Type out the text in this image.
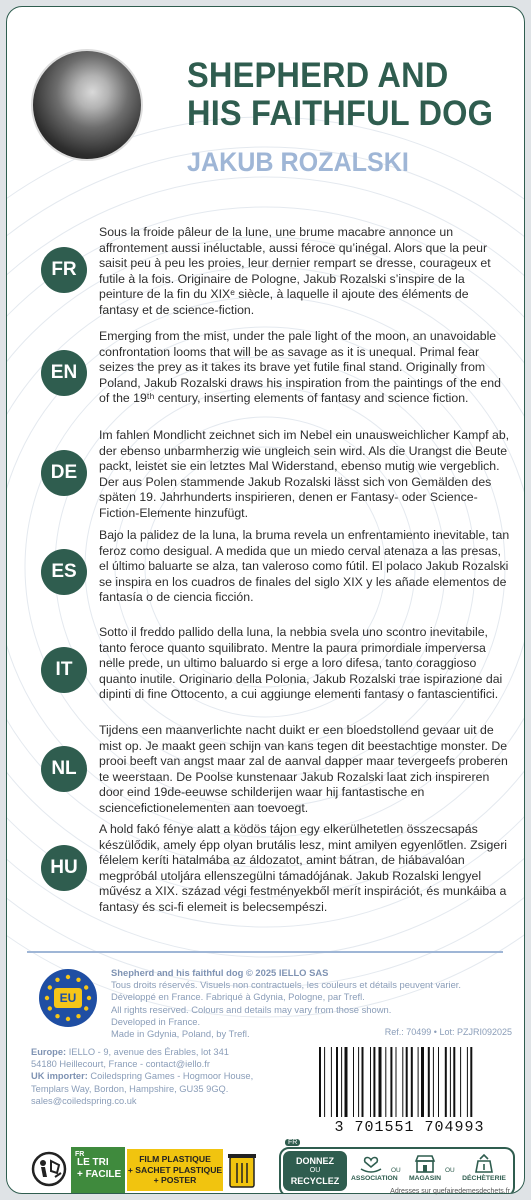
SHEPHERD AND
HIS FAITHFUL DOG
JAKUB ROZALSKI
FR
Sous la froide pâleur de la lune, une brume macabre annonce un affrontement aussi inéluctable, aussi féroce qu’inégal. Alors que la peur saisit peu à peu les proies, leur dernier rempart se dresse, courageux et futile à la fois. Originaire de Pologne, Jakub Rozalski s’inspire de la peinture de la fin du XIXᵉ siècle, à laquelle il ajoute des éléments de fantasy et de science-fiction.
EN
Emerging from the mist, under the pale light of the moon, an unavoidable confrontation looms that will be as savage as it is unequal. Primal fear seizes the prey as it takes its brave yet futile final stand. Originally from Poland, Jakub Rozalski draws his inspiration from the paintings of the end of the 19ᵗʰ century, inserting elements of fantasy and science fiction.
DE
Im fahlen Mondlicht zeichnet sich im Nebel ein unausweichlicher Kampf ab, der ebenso unbarmherzig wie ungleich sein wird. Als die Urangst die Beute packt, leistet sie ein letztes Mal Widerstand, ebenso mutig wie vergeblich. Der aus Polen stammende Jakub Rozalski lässt sich von Gemälden des späten 19. Jahrhunderts inspirieren, denen er Fantasy- oder Science-Fiction-Elemente hinzufügt.
ES
Bajo la palidez de la luna, la bruma revela un enfrentamiento inevitable, tan feroz como desigual. A medida que un miedo cerval atenaza a las presas, el último baluarte se alza, tan valeroso como fútil. El polaco Jakub Rozalski se inspira en los cuadros de finales del siglo XIX y les añade elementos de fantasía o de ciencia ficción.
IT
Sotto il freddo pallido della luna, la nebbia svela uno scontro inevitabile, tanto feroce quanto squilibrato. Mentre la paura primordiale imperversa nelle prede, un ultimo baluardo si erge a loro difesa, tanto coraggioso quanto inutile. Originario della Polonia, Jakub Rozalski trae ispirazione dai dipinti di fine Ottocento, a cui aggiunge elementi fantasy o fantascientifici.
NL
Tijdens een maanverlichte nacht duikt er een bloedstollend gevaar uit de mist op. Je maakt geen schijn van kans tegen dit beestachtige monster. De prooi beeft van angst maar zal de aanval dapper maar tevergeefs proberen te weerstaan. De Poolse kunstenaar Jakub Rozalski laat zich inspireren door eind 19de-eeuwse schilderijen waar hij fantastische en sciencefictionelementen aan toevoegt.
HU
A hold fakó fénye alatt a ködös tájon egy elkerülhetetlen összecsapás készülődik, amely épp olyan brutális lesz, mint amilyen egyenlőtlen. Zsigeri félelem keríti hatalmába az áldozatot, amint bátran, de hiábavalóan megpróbál utoljára ellenszegülni támadójának. Jakub Rozalski lengyel művész a XIX. század végi festményekből merít inspirációt, és munkáiba a fantasy és sci-fi elemeit is belecsempészi.
EU
Shepherd and his faithful dog © 2025 IELLO SAS
Tous droits réservés. Visuels non contractuels, les couleurs et détails peuvent varier.
Développé en France. Fabriqué à Gdynia, Pologne, par Trefl.
All rights reserved. Colours and details may vary from those shown.
Developed in France.
Made in Gdynia, Poland, by Trefl.	Ref.: 70499 • Lot: PZJRI092025
Europe: IELLO - 9, avenue des Érables, lot 341
54180 Heillecourt, France - contact@iello.fr
UK importer: Coiledspring Games - Hogmoor House,
Templars Way, Bordon, Hampshire, GU35 9GQ.
sales@coiledspring.co.uk
3 701551 704993
FR
LE TRI
+ FACILE
FILM PLASTIQUE
+ SACHET PLASTIQUE
+ POSTER
FR
DONNEZ
OU
RECYCLEZ	ASSOCIATION
OU
MAGASIN
OU
DÉCHÈTERIE
Adresses sur quefairedemesdechets.fr
